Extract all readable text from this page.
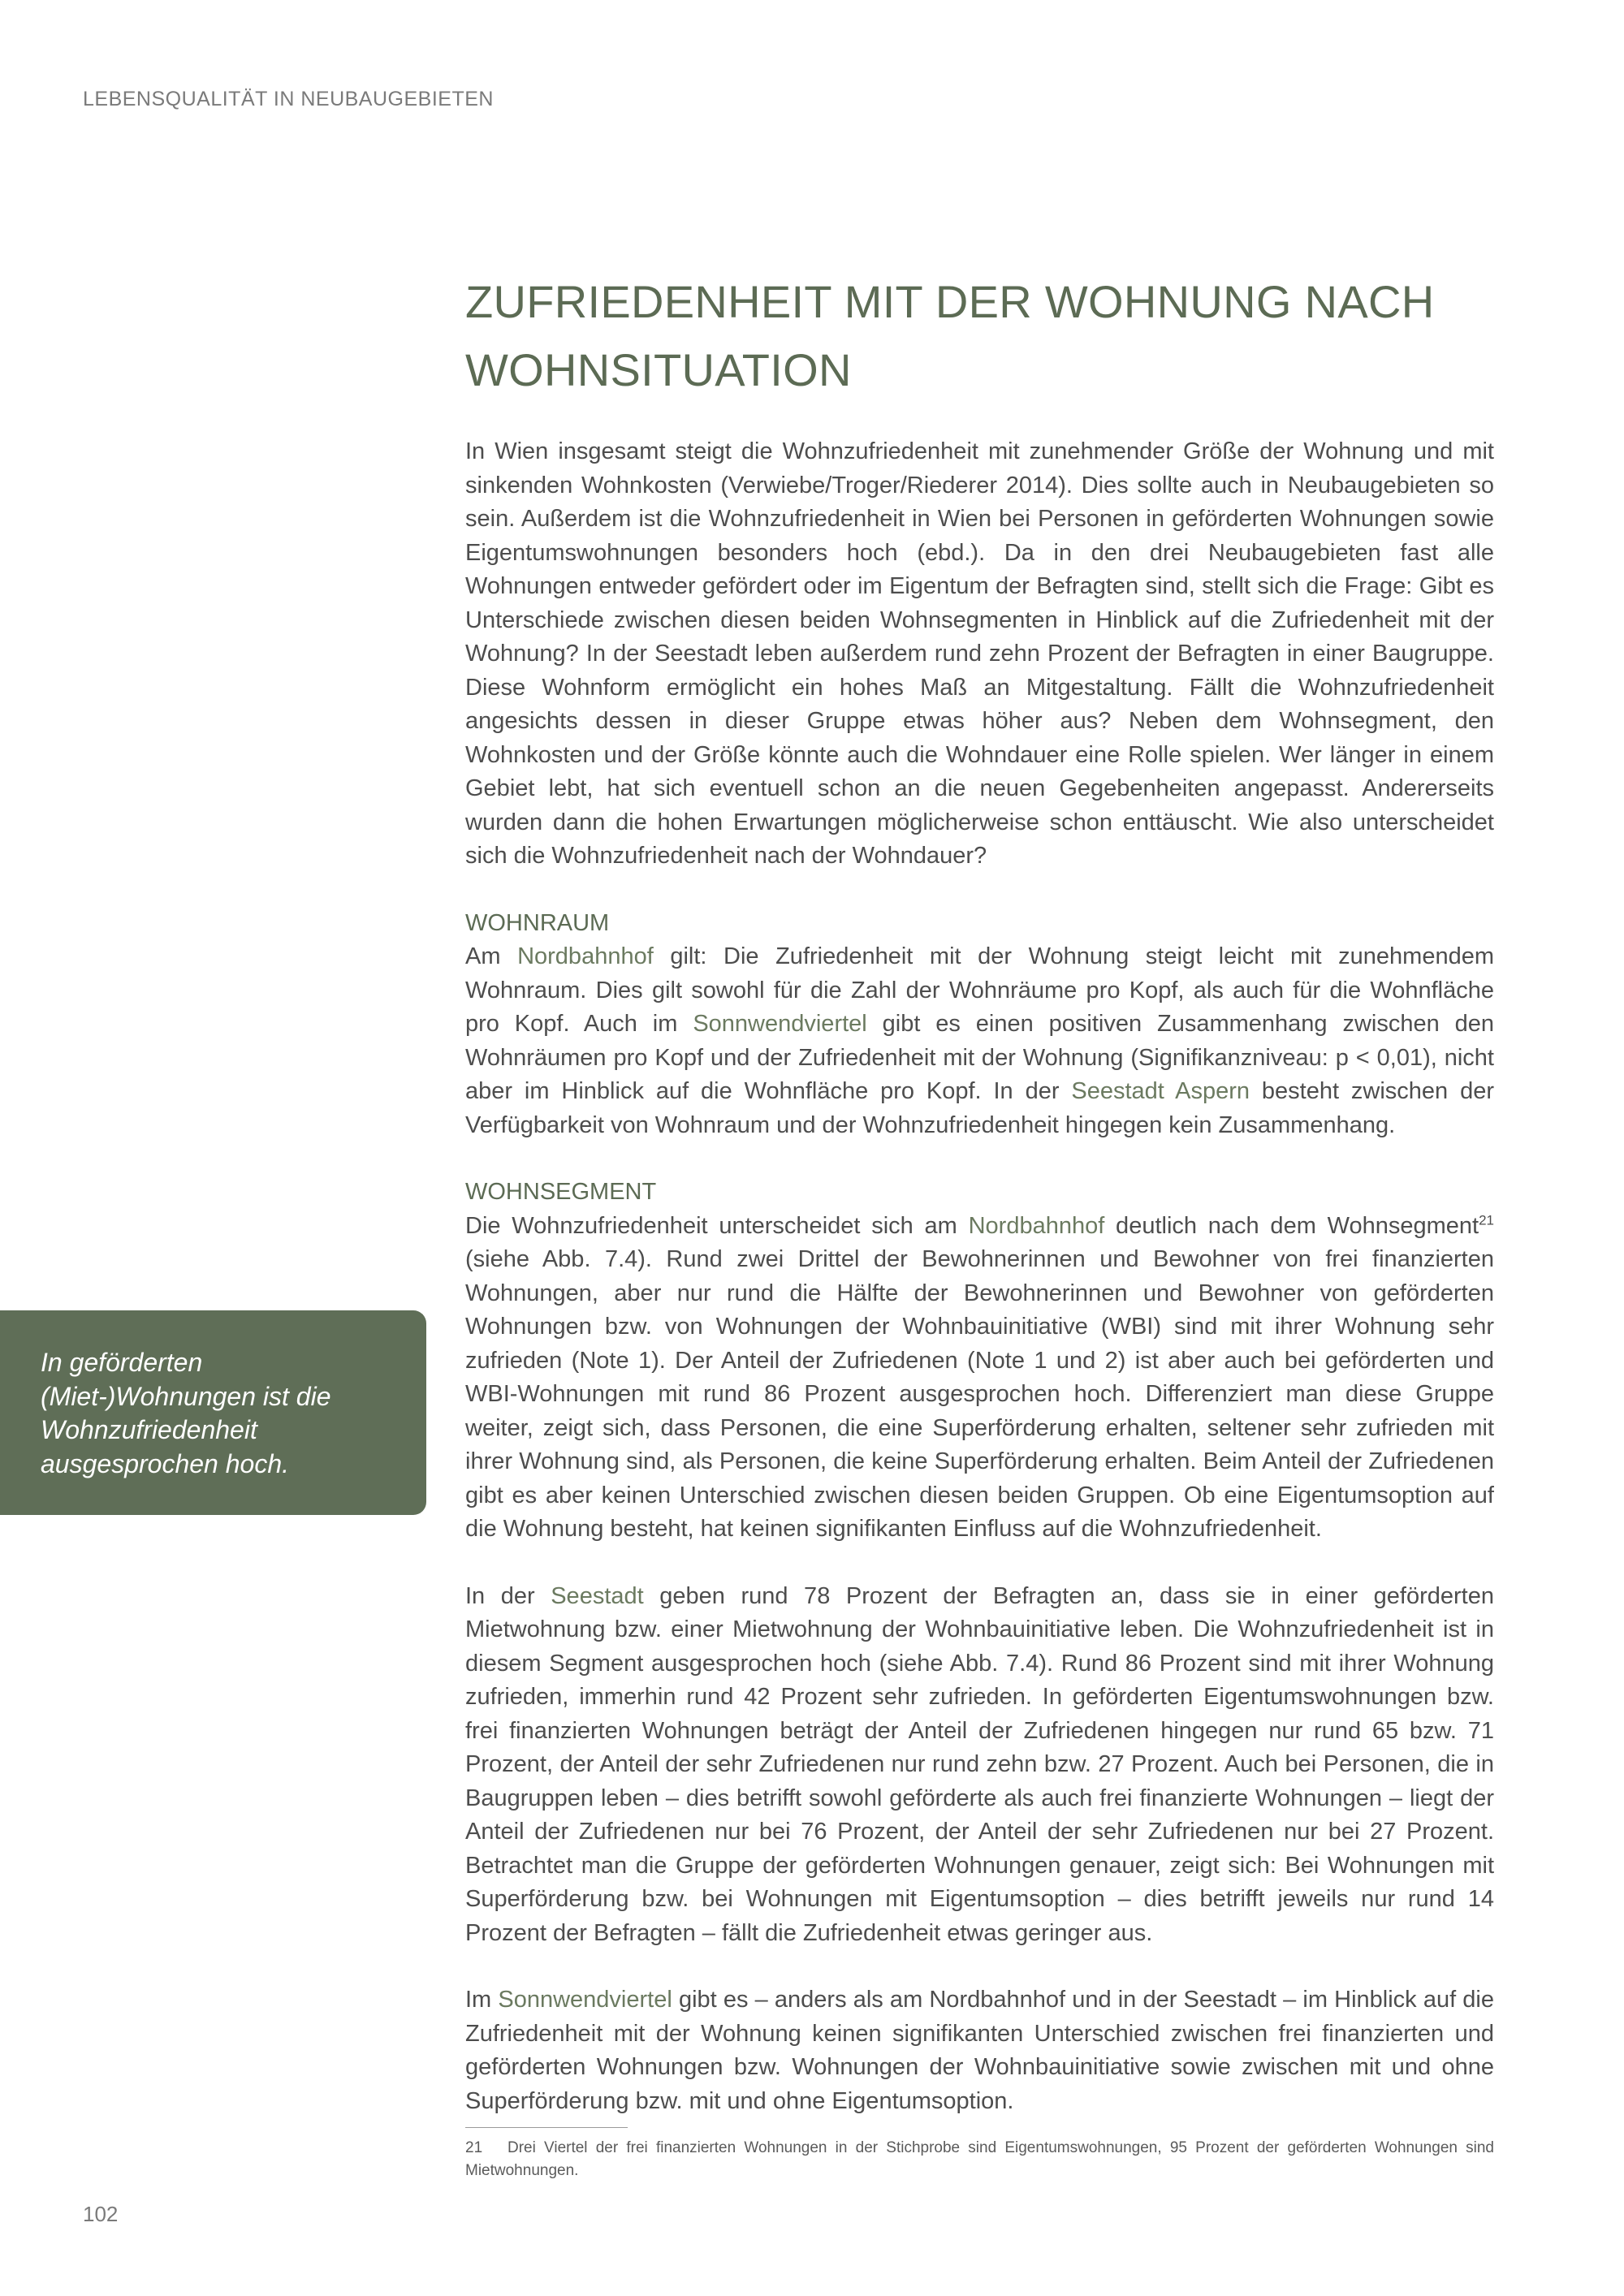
LEBENSQUALITÄT IN NEUBAUGEBIETEN
ZUFRIEDENHEIT MIT DER WOHNUNG NACH
WOHNSITUATION

In Wien insgesamt steigt die Wohnzufriedenheit mit zunehmender Größe der Wohnung und mit sinkenden Wohnkosten (Verwiebe/Troger/Riederer 2014). Dies sollte auch in Neubaugebieten so sein. Außerdem ist die Wohnzufriedenheit in Wien bei Personen in geförderten Wohnungen sowie Eigentumswohnungen besonders hoch (ebd.). Da in den drei Neubaugebieten fast alle Wohnungen entweder gefördert oder im Eigentum der Befragten sind, stellt sich die Frage: Gibt es Unterschiede zwischen diesen beiden Wohnsegmenten in Hinblick auf die Zufriedenheit mit der Wohnung? In der Seestadt leben außerdem rund zehn Prozent der Befragten in einer Baugruppe. Diese Wohnform ermöglicht ein hohes Maß an Mitgestaltung. Fällt die Wohnzufriedenheit angesichts dessen in dieser Gruppe etwas höher aus? Neben dem Wohnsegment, den Wohnkosten und der Größe könnte auch die Wohndauer eine Rolle spielen. Wer länger in einem Gebiet lebt, hat sich eventuell schon an die neuen Gegebenheiten angepasst. Andererseits wurden dann die hohen Erwartungen möglicherweise schon enttäuscht. Wie also unterscheidet sich die Wohnzufriedenheit nach der Wohndauer?

WOHNRAUM

Am Nordbahnhof gilt: Die Zufriedenheit mit der Wohnung steigt leicht mit zunehmendem Wohnraum. Dies gilt sowohl für die Zahl der Wohnräume pro Kopf, als auch für die Wohnfläche pro Kopf. Auch im Sonnwendviertel gibt es einen positiven Zusammenhang zwischen den Wohnräumen pro Kopf und der Zufriedenheit mit der Wohnung (Signifikanzniveau: p < 0,01), nicht aber im Hinblick auf die Wohnfläche pro Kopf. In der Seestadt Aspern besteht zwischen der Verfügbarkeit von Wohnraum und der Wohnzufriedenheit hingegen kein Zusammenhang.

WOHNSEGMENT

Die Wohnzufriedenheit unterscheidet sich am Nordbahnhof deutlich nach dem Wohnsegment$^{21}$ (siehe Abb. 7.4). Rund zwei Drittel der Bewohnerinnen und Bewohner von frei finanzierten Wohnungen, aber nur rund die Hälfte der Bewohnerinnen und Bewohner von geförderten Wohnungen bzw. von Wohnungen der Wohnbauinitiative (WBI) sind mit ihrer Wohnung sehr zufrieden (Note 1). Der Anteil der Zufriedenen (Note 1 und 2) ist aber auch bei geförderten und WBI-Wohnungen mit rund 86 Prozent ausgesprochen hoch. Differenziert man diese Gruppe weiter, zeigt sich, dass Personen, die eine Superförderung erhalten, seltener sehr zufrieden mit ihrer Wohnung sind, als Personen, die keine Superförderung erhalten. Beim Anteil der Zufriedenen gibt es aber keinen Unterschied zwischen diesen beiden Gruppen. Ob eine Eigentumsoption auf die Wohnung besteht, hat keinen signifikanten Einfluss auf die Wohnzufriedenheit.

In der Seestadt geben rund 78 Prozent der Befragten an, dass sie in einer geförderten Mietwohnung bzw. einer Mietwohnung der Wohnbauinitiative leben. Die Wohnzufriedenheit ist in diesem Segment ausgesprochen hoch (siehe Abb. 7.4). Rund 86 Prozent sind mit ihrer Wohnung zufrieden, immerhin rund 42 Prozent sehr zufrieden. In geförderten Eigentumswohnungen bzw. frei finanzierten Wohnungen beträgt der Anteil der Zufriedenen hingegen nur rund 65 bzw. 71 Prozent, der Anteil der sehr Zufriedenen nur rund zehn bzw. 27 Prozent. Auch bei Personen, die in Baugruppen leben – dies betrifft sowohl geförderte als auch frei finanzierte Wohnungen – liegt der Anteil der Zufriedenen nur bei 76 Prozent, der Anteil der sehr Zufriedenen nur bei 27 Prozent. Betrachtet man die Gruppe der geförderten Wohnungen genauer, zeigt sich: Bei Wohnungen mit Superförderung bzw. bei Wohnungen mit Eigentumsoption – dies betrifft jeweils nur rund 14 Prozent der Befragten – fällt die Zufriedenheit etwas geringer aus.

Im Sonnwendviertel gibt es – anders als am Nordbahnhof und in der Seestadt – im Hinblick auf die Zufriedenheit mit der Wohnung keinen signifikanten Unterschied zwischen frei finanzierten und geförderten Wohnungen bzw. Wohnungen der Wohnbauinitiative sowie zwischen mit und ohne Superförderung bzw. mit und ohne Eigentumsoption.

In geförderten (Miet-)Wohnungen ist die Wohnzufriedenheit ausgesprochen hoch.

21 Drei Viertel der frei finanzierten Wohnungen in der Stichprobe sind Eigentumswohnungen, 95 Prozent der geförderten Wohnungen sind Mietwohnungen.
102
